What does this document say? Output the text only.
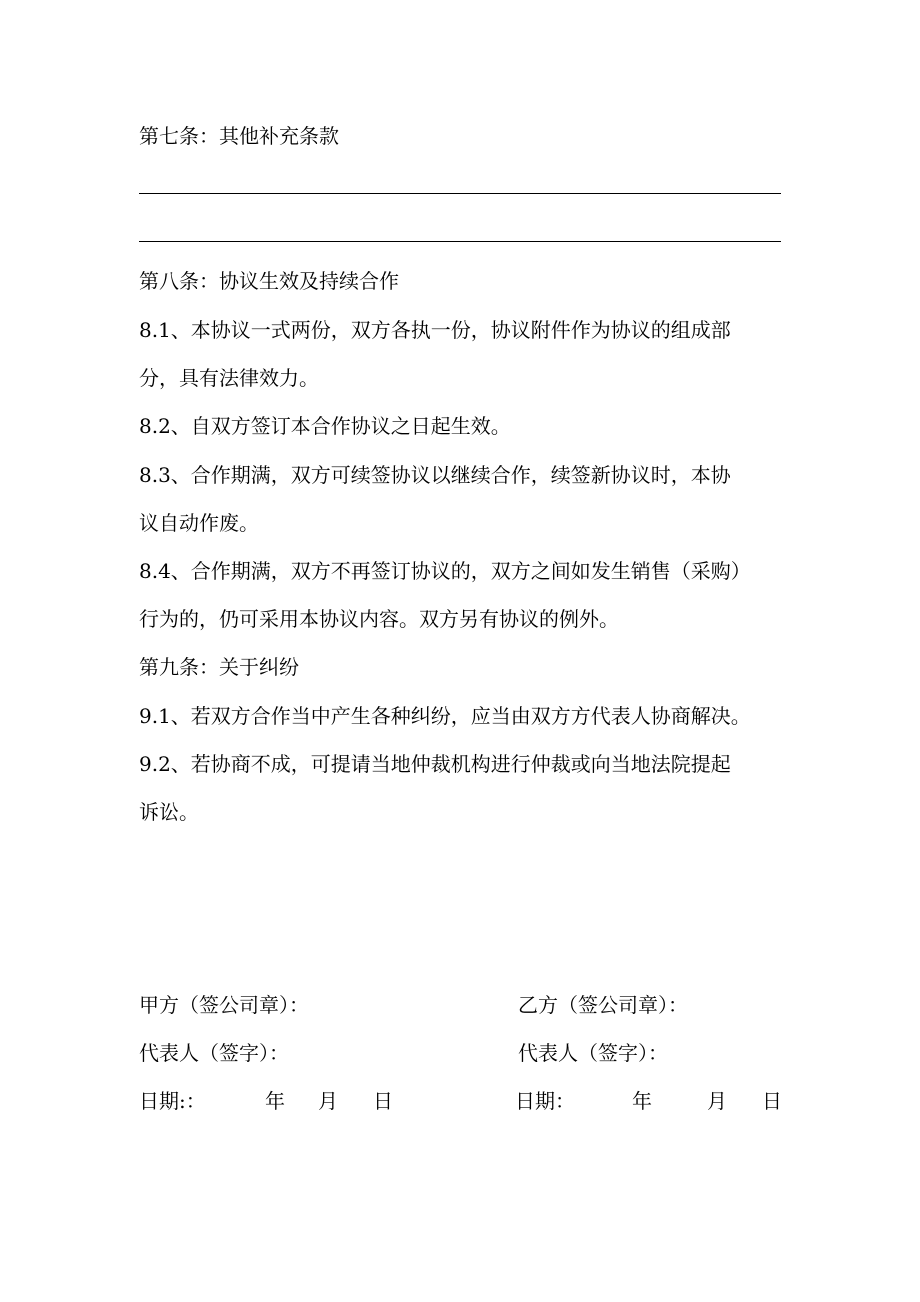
第七条：其他补充条款
第八条：协议生效及持续合作
8.1、本协议一式两份，双方各执一份，协议附件作为协议的组成部
分，具有法律效力。
8.2、自双方签订本合作协议之日起生效。
8.3、合作期满，双方可续签协议以继续合作，续签新协议时，本协
议自动作废。
8.4、合作期满，双方不再签订协议的，双方之间如发生销售（采购）
行为的，仍可采用本协议内容。双方另有协议的例外。
第九条：关于纠纷
9.1、若双方合作当中产生各种纠纷，应当由双方方代表人协商解决。
9.2、若协商不成，可提请当地仲裁机构进行仲裁或向当地法院提起
诉讼。
甲方（签公司章）：
代表人（签字）：
日期:：	年 月 日
乙方（签公司章）：
代表人（签字）：
日期：	年	月 日
